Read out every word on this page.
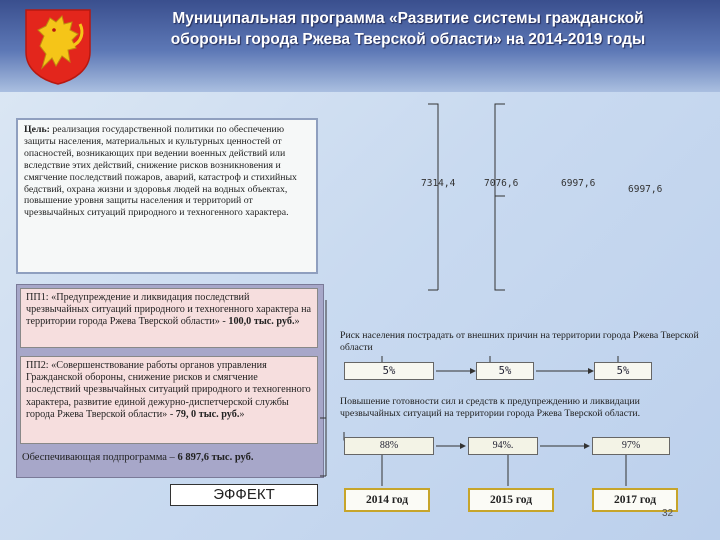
Муниципальная программа «Развитие системы гражданской
обороны города Ржева Тверской области» на 2014-2019 годы
Цель: реализация государственной политики по обеспечению защиты населения, материальных и культурных ценностей от опасностей, возникающих при ведении военных действий или вследствие этих действий, снижение рисков возникновения и смягчение последствий пожаров, аварий, катастроф и стихийных бедствий, охрана жизни и здоровья людей на водных объектах, повышение уровня защиты населения и территорий от чрезвычайных ситуаций природного и техногенного характера.
ПП1: «Предупреждение и ликвидация последствий чрезвычайных ситуаций природного и техногенного характера на территории города Ржева Тверской области» - 100,0 тыс. руб.»
ПП2: «Совершенствование работы органов управления Гражданской обороны, снижение рисков и смягчение последствий чрезвычайных ситуаций природного и техногенного характера, развитие единой дежурно-диспетчерской службы города Ржева Тверской области» - 79, 0 тыс. руб.»
Обеспечивающая подпрограмма – 6 897,6 тыс. руб.
ЭФФЕКТ
7314,4	7076,6	6997,6
6997,6
Риск населения пострадать от внешних причин на территории города Ржева Тверской области
5%	5%	5%
Повышение готовности сил и средств к предупреждению и ликвидации чрезвычайных ситуаций на территории города Ржева Тверской области.
88%	94%.	97%
2014 год	2015 год	2017 год
32
